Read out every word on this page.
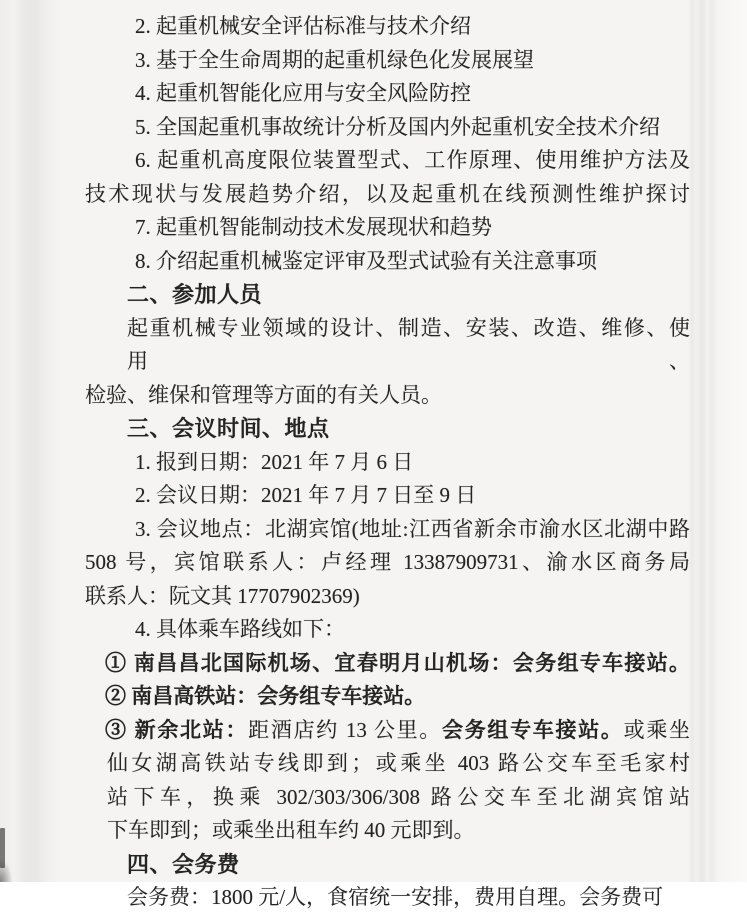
2. 起重机械安全评估标准与技术介绍
3. 基于全生命周期的起重机绿色化发展展望
4. 起重机智能化应用与安全风险防控
5. 全国起重机事故统计分析及国内外起重机安全技术介绍
6. 起重机高度限位装置型式、工作原理、使用维护方法及
技术现状与发展趋势介绍，以及起重机在线预测性维护探讨
7. 起重机智能制动技术发展现状和趋势
8. 介绍起重机械鉴定评审及型式试验有关注意事项
二、参加人员
起重机械专业领域的设计、制造、安装、改造、维修、使用、
检验、维保和管理等方面的有关人员。
三、会议时间、地点
1. 报到日期：2021 年 7 月 6 日
2. 会议日期：2021 年 7 月 7 日至 9 日
3. 会议地点：北湖宾馆(地址:江西省新余市渝水区北湖中路
508 号，宾馆联系人：卢经理 13387909731、渝水区商务局
联系人：阮文其 17707902369)
4. 具体乘车路线如下：
① 南昌昌北国际机场、宜春明月山机场：会务组专车接站。
② 南昌高铁站：会务组专车接站。
③ 新余北站：距酒店约 13 公里。会务组专车接站。或乘坐
仙女湖高铁站专线即到；或乘坐 403 路公交车至毛家村
站下车，换乘 302/303/306/308 路公交车至北湖宾馆站
下车即到；或乘坐出租车约 40 元即到。
四、会务费
会务费：1800 元/人，食宿统一安排，费用自理。会务费可
